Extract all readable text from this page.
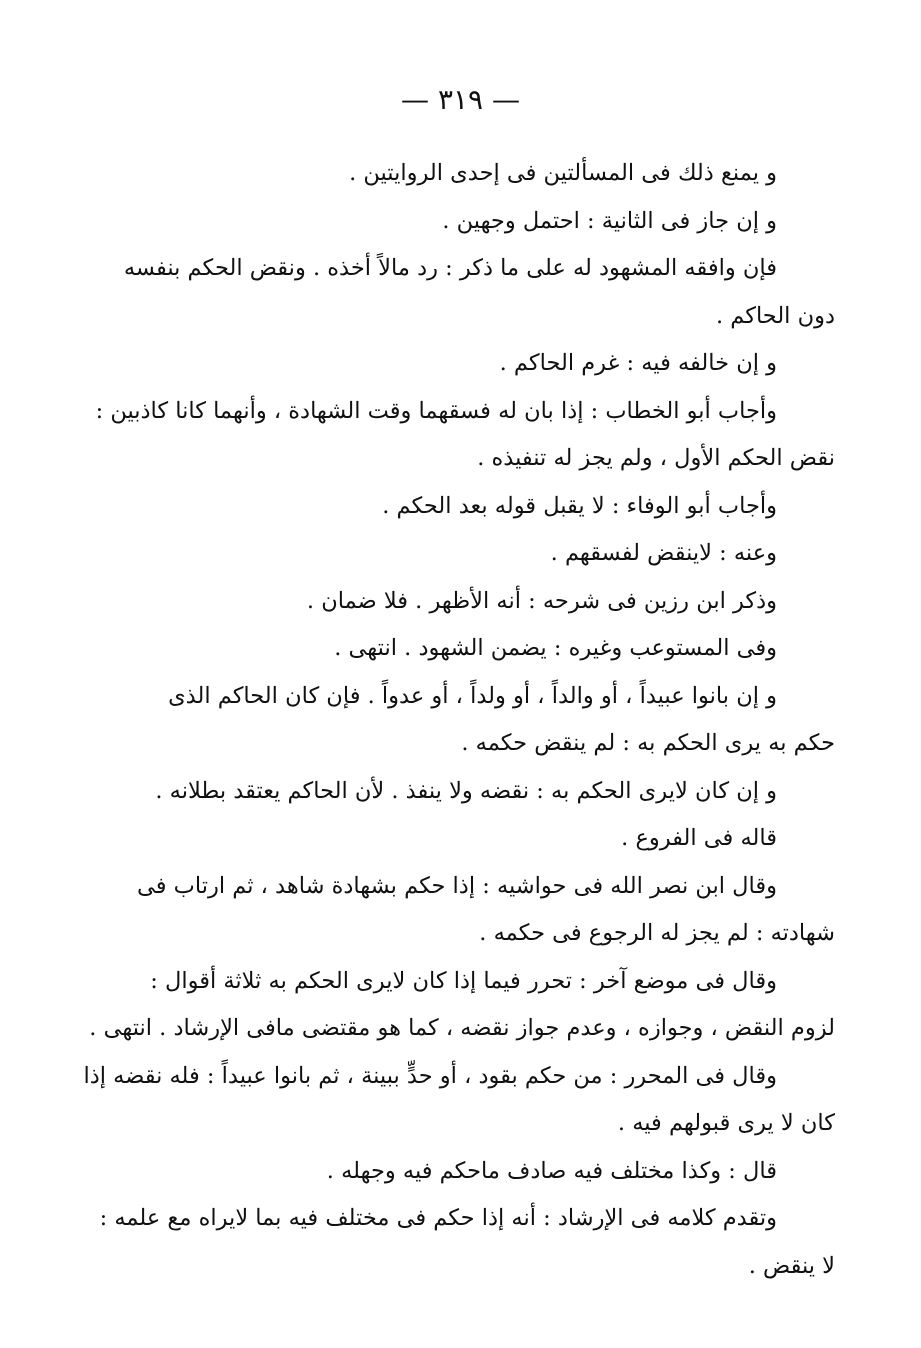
— ٣١٩ —
و يمنع ذلك فى المسألتين فى إحدى الروايتين .
و إن جاز فى الثانية : احتمل وجهين .
فإن وافقه المشهود له على ما ذكر : رد مالاً أخذه . ونقض الحكم بنفسه
دون الحاكم .
و إن خالفه فيه : غرم الحاكم .
وأجاب أبو الخطاب : إذا بان له فسقهما وقت الشهادة ، وأنهما كانا كاذبين :
نقض الحكم الأول ، ولم يجز له تنفيذه .
وأجاب أبو الوفاء : لا يقبل قوله بعد الحكم .
وعنه : لاينقض لفسقهم .
وذكر ابن رزين فى شرحه : أنه الأظهر . فلا ضمان .
وفى المستوعب وغيره : يضمن الشهود . انتهى .
و إن بانوا عبيداً ، أو والداً ، أو ولداً ، أو عدواً . فإن كان الحاكم الذى
حكم به يرى الحكم به : لم ينقض حكمه .
و إن كان لايرى الحكم به : نقضه ولا ينفذ . لأن الحاكم يعتقد بطلانه .
قاله فى الفروع .
وقال ابن نصر الله فى حواشيه : إذا حكم بشهادة شاهد ، ثم ارتاب فى
شهادته : لم يجز له الرجوع فى حكمه .
وقال فى موضع آخر : تحرر فيما إذا كان لايرى الحكم به ثلاثة أقوال :
لزوم النقض ، وجوازه ، وعدم جواز نقضه ، كما هو مقتضى مافى الإرشاد . انتهى .
وقال فى المحرر : من حكم بقود ، أو حدٍّ ببينة ، ثم بانوا عبيداً : فله نقضه إذا
كان لا يرى قبولهم فيه .
قال : وكذا مختلف فيه صادف ماحكم فيه وجهله .
وتقدم كلامه فى الإرشاد : أنه إذا حكم فى مختلف فيه بما لايراه مع علمه :
لا ينقض .
